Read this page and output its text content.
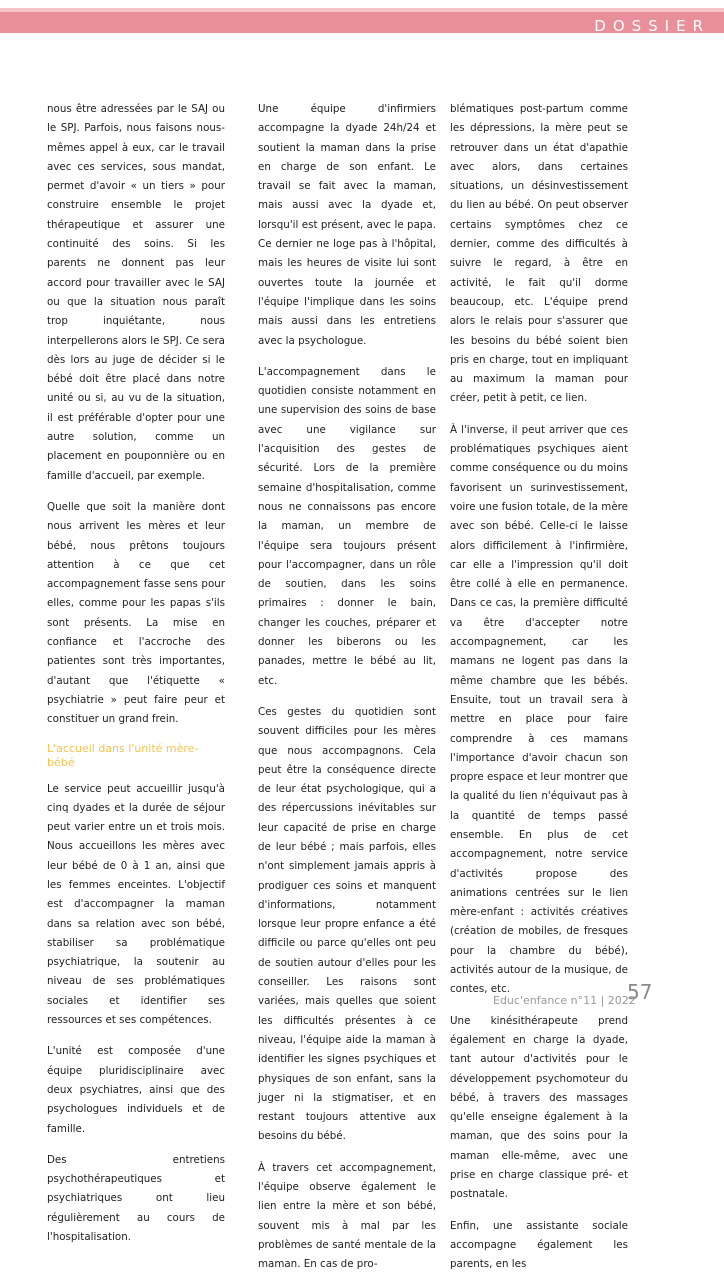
DOSSIER

nous être adressées par le SAJ ou le SPJ. Parfois, nous faisons nous-mêmes appel à eux, car le travail avec ces services, sous mandat, permet d'avoir « un tiers » pour construire ensemble le projet thérapeutique et assurer une continuité des soins. Si les parents ne donnent pas leur accord pour travailler avec le SAJ ou que la situation nous paraît trop inquiétante, nous interpellerons alors le SPJ. Ce sera dès lors au juge de décider si le bébé doit être placé dans notre unité ou si, au vu de la situation, il est préférable d'opter pour une autre solution, comme un placement en pouponnière ou en famille d'accueil, par exemple.

Quelle que soit la manière dont nous arrivent les mères et leur bébé, nous prêtons toujours attention à ce que cet accompagnement fasse sens pour elles, comme pour les papas s'ils sont présents. La mise en confiance et l'accroche des patientes sont très importantes, d'autant que l'étiquette « psychiatrie » peut faire peur et constituer un grand frein.

L'accueil dans l'unité mère-bébé

Le service peut accueillir jusqu'à cinq dyades et la durée de séjour peut varier entre un et trois mois. Nous accueillons les mères avec leur bébé de 0 à 1 an, ainsi que les femmes enceintes. L'objectif est d'accompagner la maman dans sa relation avec son bébé, stabiliser sa problématique psychiatrique, la soutenir au niveau de ses problématiques sociales et identifier ses ressources et ses compétences.

L'unité est composée d'une équipe pluridisciplinaire avec deux psychiatres, ainsi que des psychologues individuels et de famille.

Des entretiens psychothérapeutiques et psychiatriques ont lieu régulièrement au cours de l'hospitalisation.

Une équipe d'infirmiers accompagne la dyade 24h/24 et soutient la maman dans la prise en charge de son enfant. Le travail se fait avec la maman, mais aussi avec la dyade et, lorsqu'il est présent, avec le papa. Ce dernier ne loge pas à l'hôpital, mais les heures de visite lui sont ouvertes toute la journée et l'équipe l'implique dans les soins mais aussi dans les entretiens avec la psychologue.

L'accompagnement dans le quotidien consiste notamment en une supervision des soins de base avec une vigilance sur l'acquisition des gestes de sécurité. Lors de la première semaine d'hospitalisation, comme nous ne connaissons pas encore la maman, un membre de l'équipe sera toujours présent pour l'accompagner, dans un rôle de soutien, dans les soins primaires : donner le bain, changer les couches, préparer et donner les biberons ou les panades, mettre le bébé au lit, etc.

Ces gestes du quotidien sont souvent difficiles pour les mères que nous accompagnons. Cela peut être la conséquence directe de leur état psychologique, qui a des répercussions inévitables sur leur capacité de prise en charge de leur bébé ; mais parfois, elles n'ont simplement jamais appris à prodiguer ces soins et manquent d'informations, notamment lorsque leur propre enfance a été difficile ou parce qu'elles ont peu de soutien autour d'elles pour les conseiller. Les raisons sont variées, mais quelles que soient les difficultés présentes à ce niveau, l'équipe aide la maman à identifier les signes psychiques et physiques de son enfant, sans la juger ni la stigmatiser, et en restant toujours attentive aux besoins du bébé.

À travers cet accompagnement, l'équipe observe également le lien entre la mère et son bébé, souvent mis à mal par les problèmes de santé mentale de la maman. En cas de pro-

blématiques post-partum comme les dépressions, la mère peut se retrouver dans un état d'apathie avec alors, dans certaines situations, un désinvestissement du lien au bébé. On peut observer certains symptômes chez ce dernier, comme des difficultés à suivre le regard, à être en activité, le fait qu'il dorme beaucoup, etc. L'équipe prend alors le relais pour s'assurer que les besoins du bébé soient bien pris en charge, tout en impliquant au maximum la maman pour créer, petit à petit, ce lien.

À l'inverse, il peut arriver que ces problématiques psychiques aient comme conséquence ou du moins favorisent un surinvestissement, voire une fusion totale, de la mère avec son bébé. Celle-ci le laisse alors difficilement à l'infirmière, car elle a l'impression qu'il doit être collé à elle en permanence. Dans ce cas, la première difficulté va être d'accepter notre accompagnement, car les mamans ne logent pas dans la même chambre que les bébés. Ensuite, tout un travail sera à mettre en place pour faire comprendre à ces mamans l'importance d'avoir chacun son propre espace et leur montrer que la qualité du lien n'équivaut pas à la quantité de temps passé ensemble. En plus de cet accompagnement, notre service d'activités propose des animations centrées sur le lien mère-enfant : activités créatives (création de mobiles, de fresques pour la chambre du bébé), activités autour de la musique, de contes, etc.

Une kinésithérapeute prend également en charge la dyade, tant autour d'activités pour le développement psychomoteur du bébé, à travers des massages qu'elle enseigne également à la maman, que des soins pour la maman elle-même, avec une prise en charge classique pré- et postnatale.

Enfin, une assistante sociale accompagne également les parents, en les

Educ'enfance n°11 | 2022
57
